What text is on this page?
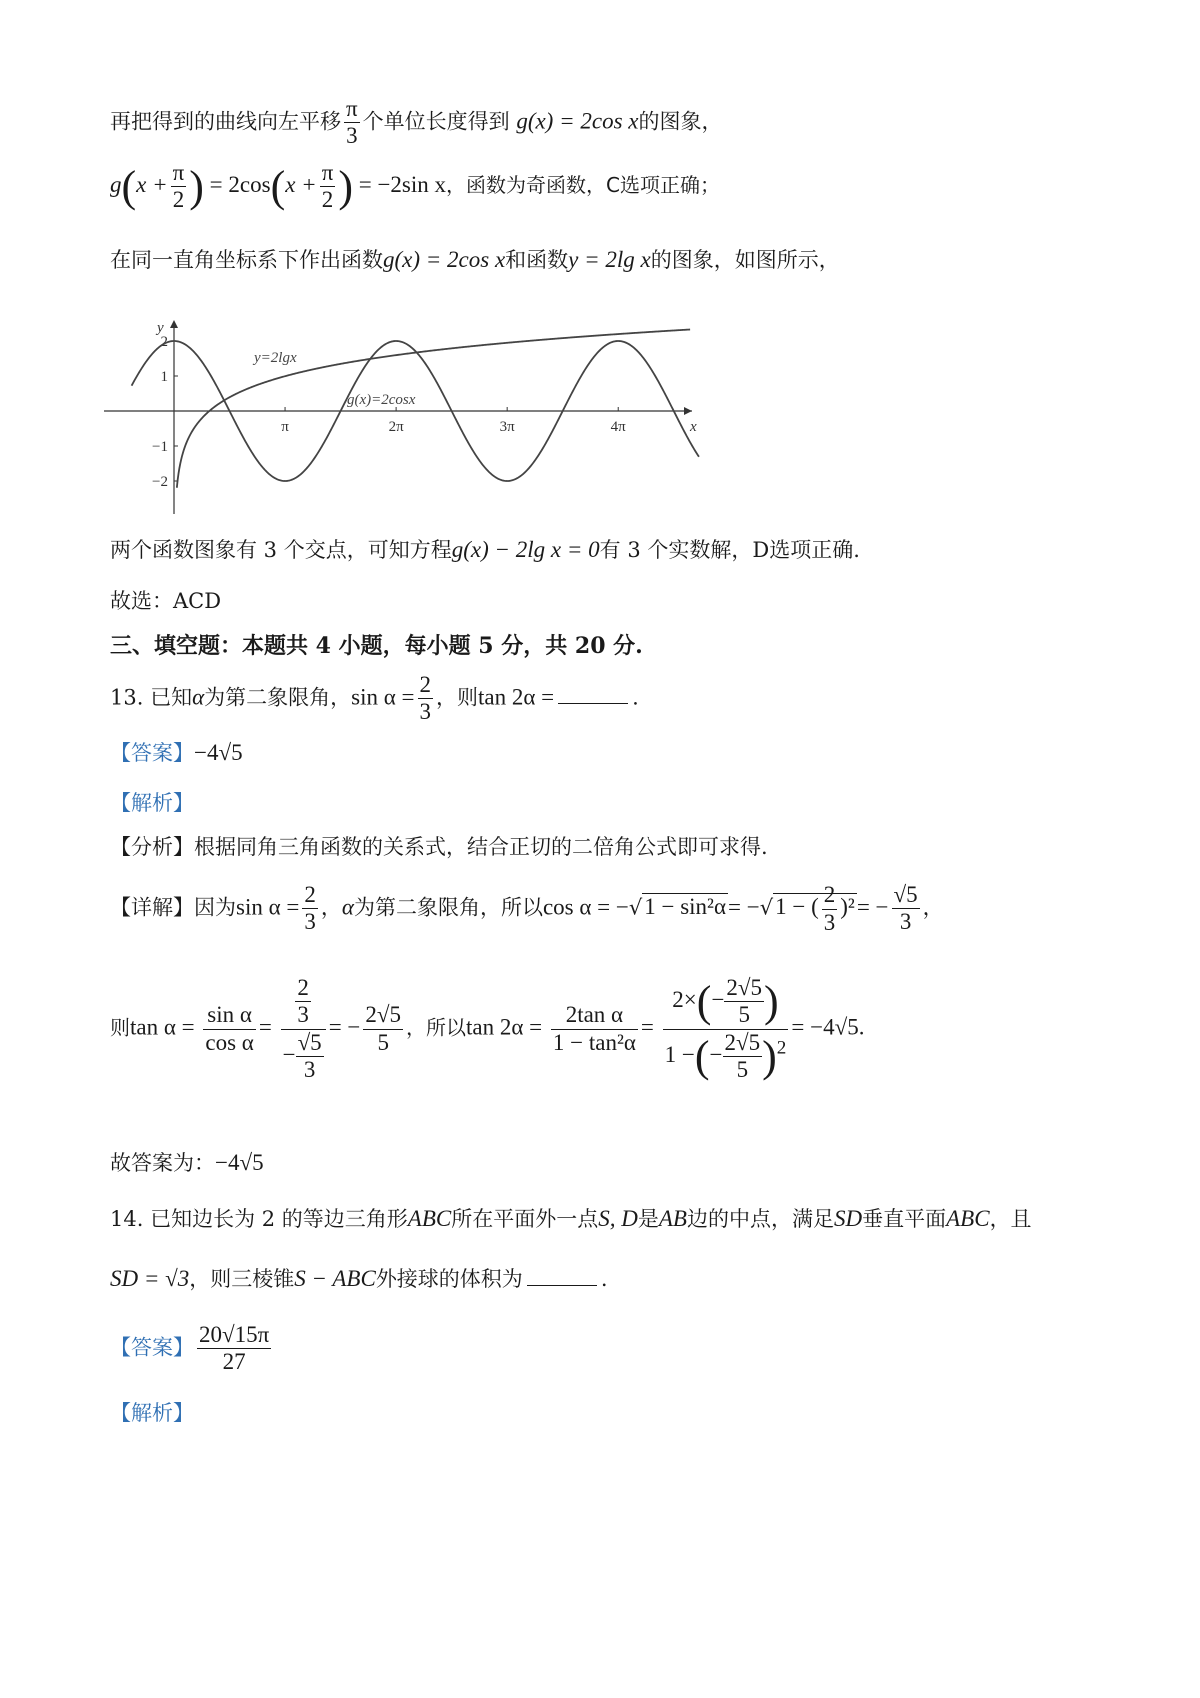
再把得到的曲线向左平移 $\frac{\pi}{3}$ 个单位长度得到 g(x) = 2cos x的图象，
$g(x + \frac{\pi}{2}$ ) = $2\cos(x + \frac{\pi}{2}$ ) = −2sin x，函数为奇函数，C选项正确；
在同一直角坐标系下作出函数g(x) = 2cos x和函数y = 2lg x的图象，如图所示，
π	2π	3π	4π
2
1
−1
−2
x
y
y=2lgx
g(x)=2cosx
两个函数图象有 3 个交点，可知方程g(x) − 2lg x = 0有 3 个实数解，D选项正确.
故选：ACD
三、填空题：本题共 4 小题，每小题 5 分，共 20 分.
13. 已知α为第二象限角，$\sin \alpha = \frac{2}{3}$ ，则tan 2α =	.
【答案】−4√5
【解析】
【分析】根据同角三角函数的关系式，结合正切的二倍角公式即可求得.
【详解】因为$\sin \alpha = \frac{2}{3}$ ，α为第二象限角，所以cos α = −√1 − sin²α= −√1 − ( $\frac{2}{3} )^2= - \frac{√5}{3}$ ，
则$\tan \alpha = \frac{\text{sin α}}{\text{cos α}} = \frac{\frac{2}{3}}{- \frac{√5}{3}}$ = − $\frac{2√5}{5}$ ，所以$\tan 2\alpha = \frac{\text{2tan α}}{\text{1 − tan²α}} = \frac{2\times(- \frac{2√5}{5} )}{1 -(- \frac{2√5}{5} )^2} = -4√5$.
故答案为：−4√5
14. 已知边长为 2 的等边三角形ABC所在平面外一点S, D是AB边的中点，满足SD垂直平面ABC，且
SD = √3，则三棱锥S − ABC外接球的体积为	.
【答案】 $\frac{20√15\pi}{27}$
【解析】
